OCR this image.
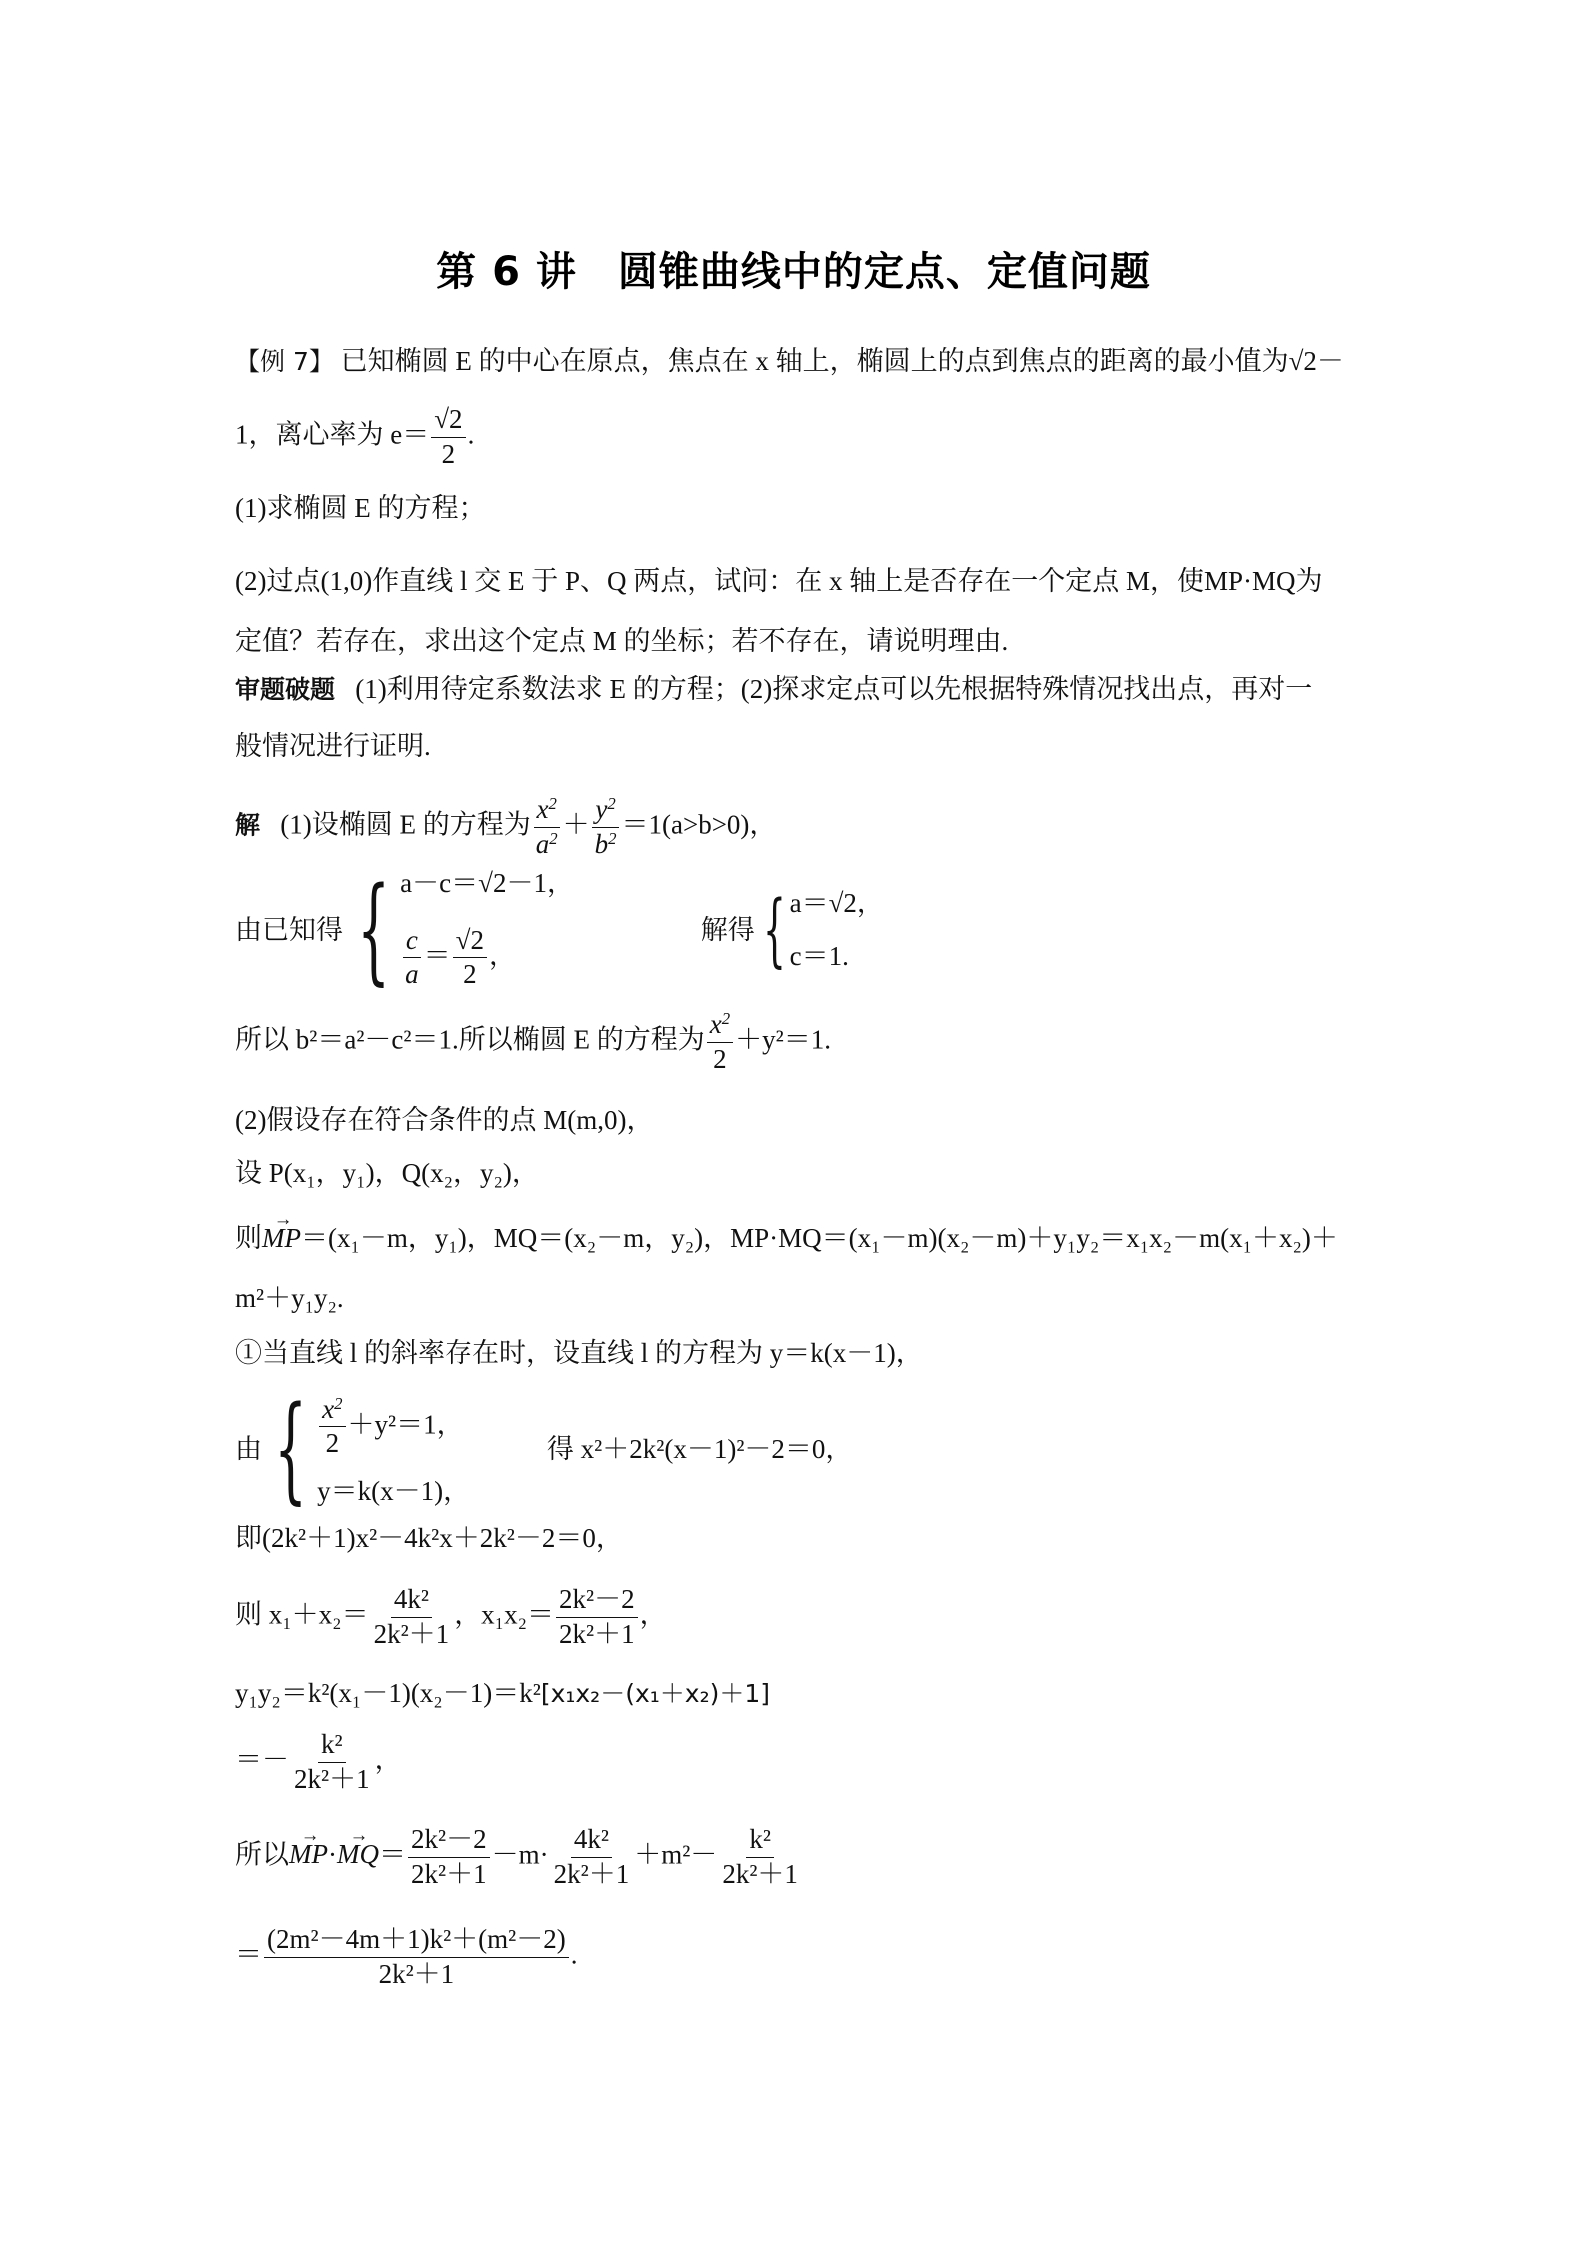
第 6 讲　圆锥曲线中的定点、定值问题
【例 7】 已知椭圆 E 的中心在原点，焦点在 x 轴上，椭圆上的点到焦点的距离的最小值为√2－
1，离心率为 $e= \frac{√2}{2}$ .
(1)求椭圆 E 的方程；
(2)过点(1,0)作直线 l 交 E 于 P、Q 两点，试问：在 x 轴上是否存在一个定点 M，使MP·MQ为
定值？若存在，求出这个定点 M 的坐标；若不存在，请说明理由.
审题破题 (1)利用待定系数法求 E 的方程；(2)探求定点可以先根据特殊情况找出点，再对一
般情况进行证明.
解 (1)设椭圆 E 的方程为 $\frac{x^2}{a^2} + \frac{y^2}{b^2} =1(a>b>0)$，
由已知得 { a－c＝√2－1，
$\frac{c}{a} = \frac{√2}{2}$ ，

解得 { a＝√2，
c＝1.
所以 b²＝a²－c²＝1.所以椭圆 E 的方程为 $\frac{x^2}{2} +y^2=1$.
(2)假设存在符合条件的点 M(m,0)，
设 P(x₁，y₁)，Q(x₂，y₂)，
则→ MP＝(x₁－m，y₁)，MQ＝(x₂－m，y₂)，MP·MQ＝(x₁－m)(x₂－m)＋y₁y₂＝x₁x₂－m(x₁＋x₂)＋
m²＋y₁y₂.
①当直线 l 的斜率存在时，设直线 l 的方程为 y＝k(x－1)，
由 { $\frac{x^2}{2} +y^2=1$，
y＝k(x－1)，
得 x²＋2k²(x－1)²－2＝0，
即(2k²＋1)x²－4k²x＋2k²－2＝0，
则 $x_1+x_2= \frac{\text{4k²}}{\text{2k²＋1}}$ ，$x_1x_2= \frac{\text{2k²－2}}{\text{2k²＋1}}$ ，
y₁y₂＝k²(x₁－1)(x₂－1)＝k²[x₁x₂－(x₁＋x₂)＋1]
＝－ $\frac{\text{k²}}{\text{2k²＋1}}$ ，
所以→ $MP\cdot\to MQ= \frac{\text{2k²－2}}{\text{2k²＋1}} -m\cdot \frac{\text{4k²}}{\text{2k²＋1}} +m^2- \frac{\text{k²}}{\text{2k²＋1}}$
＝ $\frac{\text{(2m²－4m＋1)k²＋(m²－2)}}{\text{2k²＋1}}$ .
